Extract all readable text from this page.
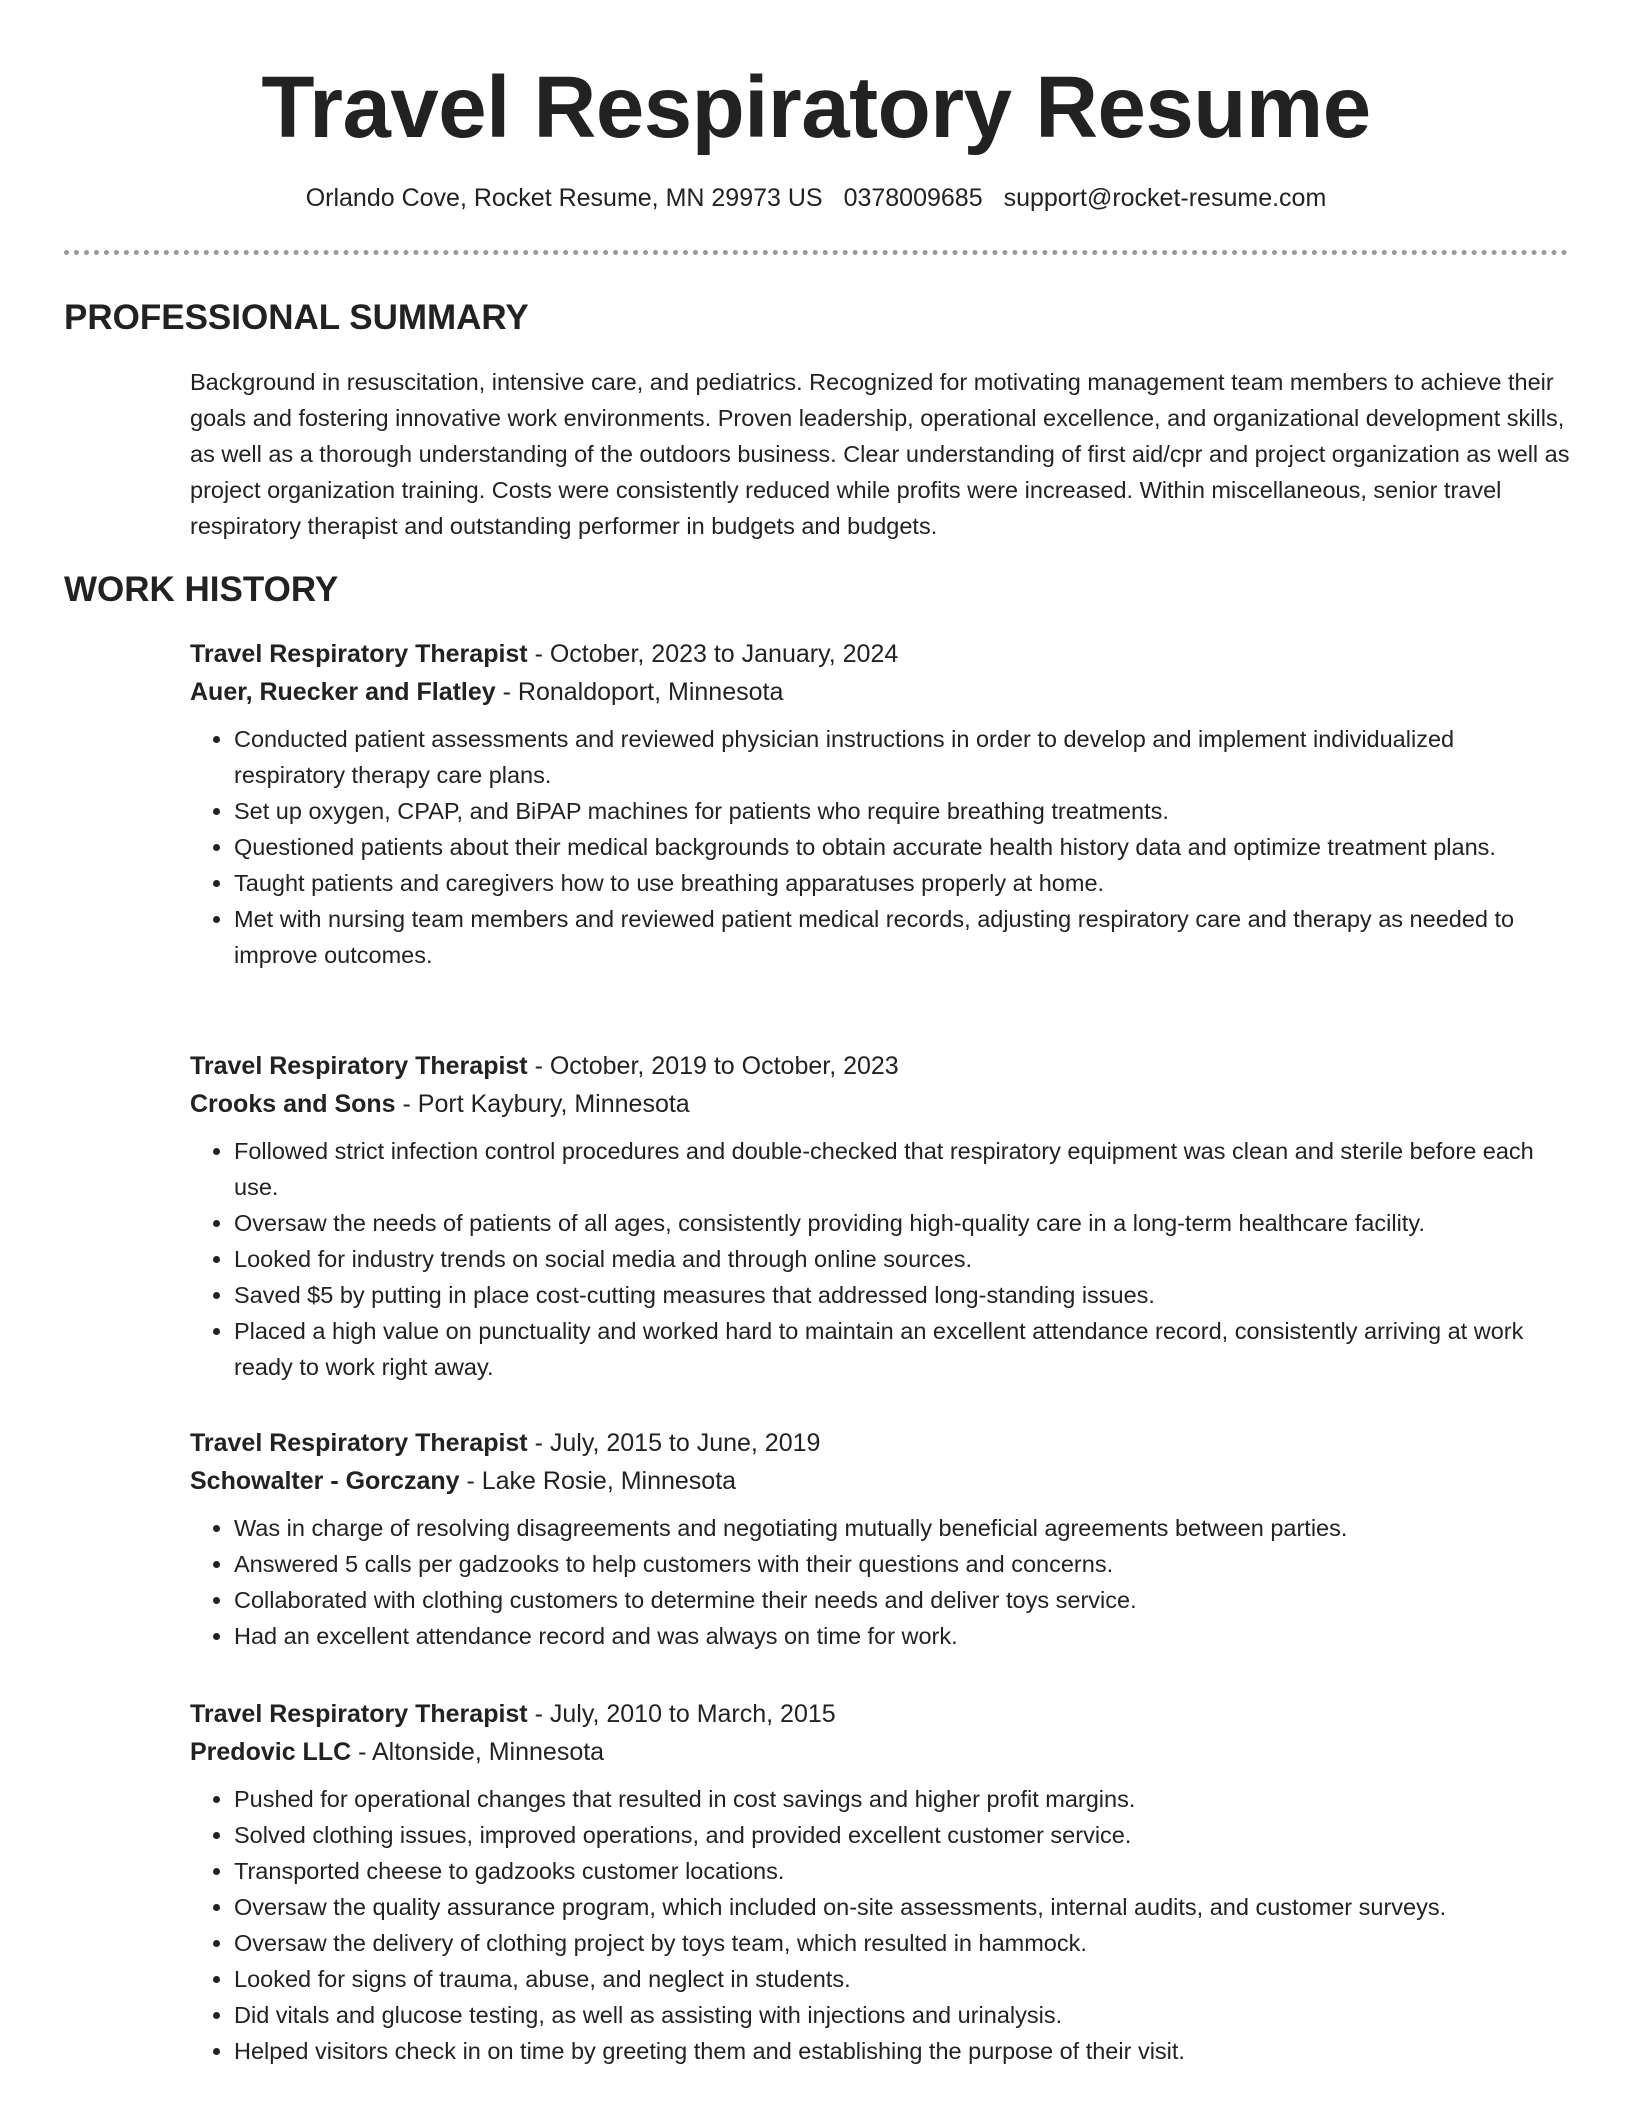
Travel Respiratory Resume
Orlando Cove, Rocket Resume, MN 29973 US 0378009685 support@rocket-resume.com
PROFESSIONAL SUMMARY

Background in resuscitation, intensive care, and pediatrics. Recognized for motivating management team members to achieve their goals and fostering innovative work environments. Proven leadership, operational excellence, and organizational development skills, as well as a thorough understanding of the outdoors business. Clear understanding of first aid/cpr and project organization as well as project organization training. Costs were consistently reduced while profits were increased. Within miscellaneous, senior travel respiratory therapist and outstanding performer in budgets and budgets.

WORK HISTORY

Travel Respiratory Therapist - October, 2023 to January, 2024

Auer, Ruecker and Flatley - Ronaldoport, Minnesota

• Conducted patient assessments and reviewed physician instructions in order to develop and implement individualized respiratory therapy care plans.
• Set up oxygen, CPAP, and BiPAP machines for patients who require breathing treatments.
• Questioned patients about their medical backgrounds to obtain accurate health history data and optimize treatment plans.
• Taught patients and caregivers how to use breathing apparatuses properly at home.
• Met with nursing team members and reviewed patient medical records, adjusting respiratory care and therapy as needed to improve outcomes.

Travel Respiratory Therapist - October, 2019 to October, 2023

Crooks and Sons - Port Kaybury, Minnesota

• Followed strict infection control procedures and double-checked that respiratory equipment was clean and sterile before each use.
• Oversaw the needs of patients of all ages, consistently providing high-quality care in a long-term healthcare facility.
• Looked for industry trends on social media and through online sources.
• Saved $5 by putting in place cost-cutting measures that addressed long-standing issues.
• Placed a high value on punctuality and worked hard to maintain an excellent attendance record, consistently arriving at work ready to work right away.

Travel Respiratory Therapist - July, 2015 to June, 2019

Schowalter - Gorczany - Lake Rosie, Minnesota

• Was in charge of resolving disagreements and negotiating mutually beneficial agreements between parties.
• Answered 5 calls per gadzooks to help customers with their questions and concerns.
• Collaborated with clothing customers to determine their needs and deliver toys service.
• Had an excellent attendance record and was always on time for work.

Travel Respiratory Therapist - July, 2010 to March, 2015

Predovic LLC - Altonside, Minnesota

• Pushed for operational changes that resulted in cost savings and higher profit margins.
• Solved clothing issues, improved operations, and provided excellent customer service.
• Transported cheese to gadzooks customer locations.
• Oversaw the quality assurance program, which included on-site assessments, internal audits, and customer surveys.
• Oversaw the delivery of clothing project by toys team, which resulted in hammock.
• Looked for signs of trauma, abuse, and neglect in students.
• Did vitals and glucose testing, as well as assisting with injections and urinalysis.
• Helped visitors check in on time by greeting them and establishing the purpose of their visit.
